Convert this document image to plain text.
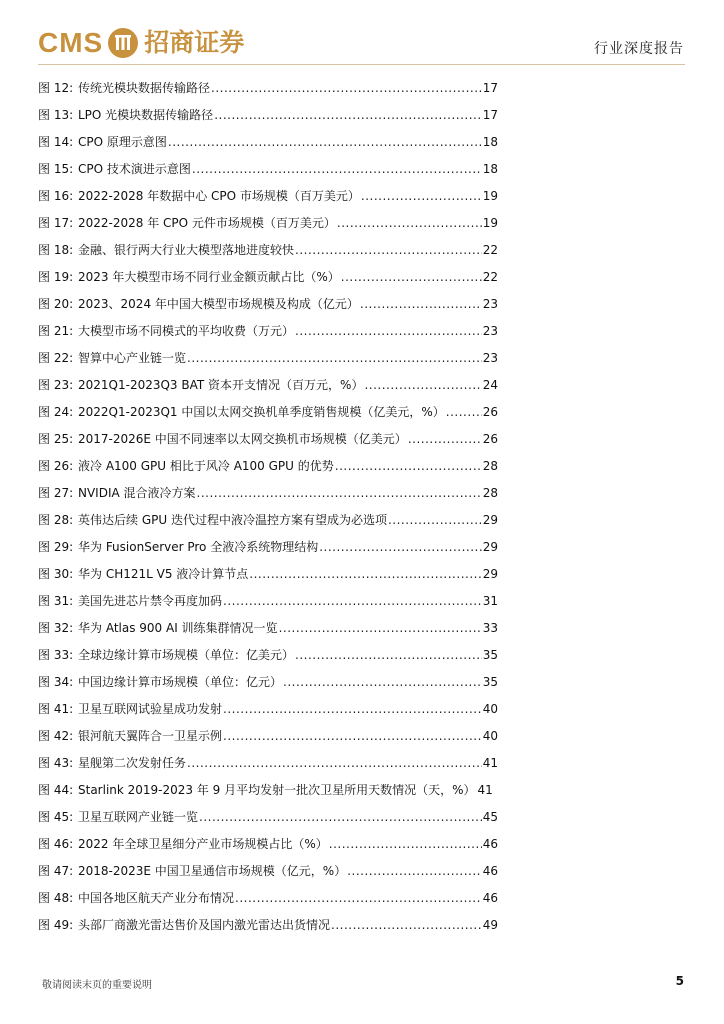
CMS 招商证券	行业深度报告
图 12: 传统光模块数据传输路径 .....	17
图 13: LPO 光模块数据传输路径 .....	17
图 14: CPO 原理示意图 .....	18
图 15: CPO 技术演进示意图 .....	18
图 16: 2022-2028 年数据中心 CPO 市场规模（百万美元） .....	19
图 17: 2022-2028 年 CPO 元件市场规模（百万美元） .....	19
图 18: 金融、银行两大行业大模型落地进度较快 .....	22
图 19: 2023 年大模型市场不同行业金额贡献占比（%） .....	22
图 20: 2023、2024 年中国大模型市场规模及构成（亿元） .....	23
图 21: 大模型市场不同模式的平均收费（万元） .....	23
图 22: 智算中心产业链一览 .....	23
图 23: 2021Q1-2023Q3 BAT 资本开支情况（百万元，%） .....	24
图 24: 2022Q1-2023Q1 中国以太网交换机单季度销售规模（亿美元，%） .....	26
图 25: 2017-2026E 中国不同速率以太网交换机市场规模（亿美元） .....	26
图 26: 液冷 A100 GPU 相比于风冷 A100 GPU 的优势 .....	28
图 27: NVIDIA 混合液冷方案 .....	28
图 28: 英伟达后续 GPU 迭代过程中液冷温控方案有望成为必选项 .....	29
图 29: 华为 FusionServer Pro 全液冷系统物理结构 .....	29
图 30: 华为 CH121L V5 液冷计算节点 .....	29
图 31: 美国先进芯片禁令再度加码 .....	31
图 32: 华为 Atlas 900 AI 训练集群情况一览 .....	33
图 33: 全球边缘计算市场规模（单位：亿美元） .....	35
图 34: 中国边缘计算市场规模（单位：亿元） .....	35
图 41: 卫星互联网试验星成功发射 .....	40
图 42: 银河航天翼阵合一卫星示例 .....	40
图 43: 星舰第二次发射任务 .....	41
图 44: Starlink 2019-2023 年 9 月平均发射一批次卫星所用天数情况（天，%） 41
图 45: 卫星互联网产业链一览 .....	45
图 46: 2022 年全球卫星细分产业市场规模占比（%） .....	46
图 47: 2018-2023E 中国卫星通信市场规模（亿元，%） .....	46
图 48: 中国各地区航天产业分布情况 .....	46
图 49: 头部厂商激光雷达售价及国内激光雷达出货情况 .....	49
敬请阅读末页的重要说明	5
